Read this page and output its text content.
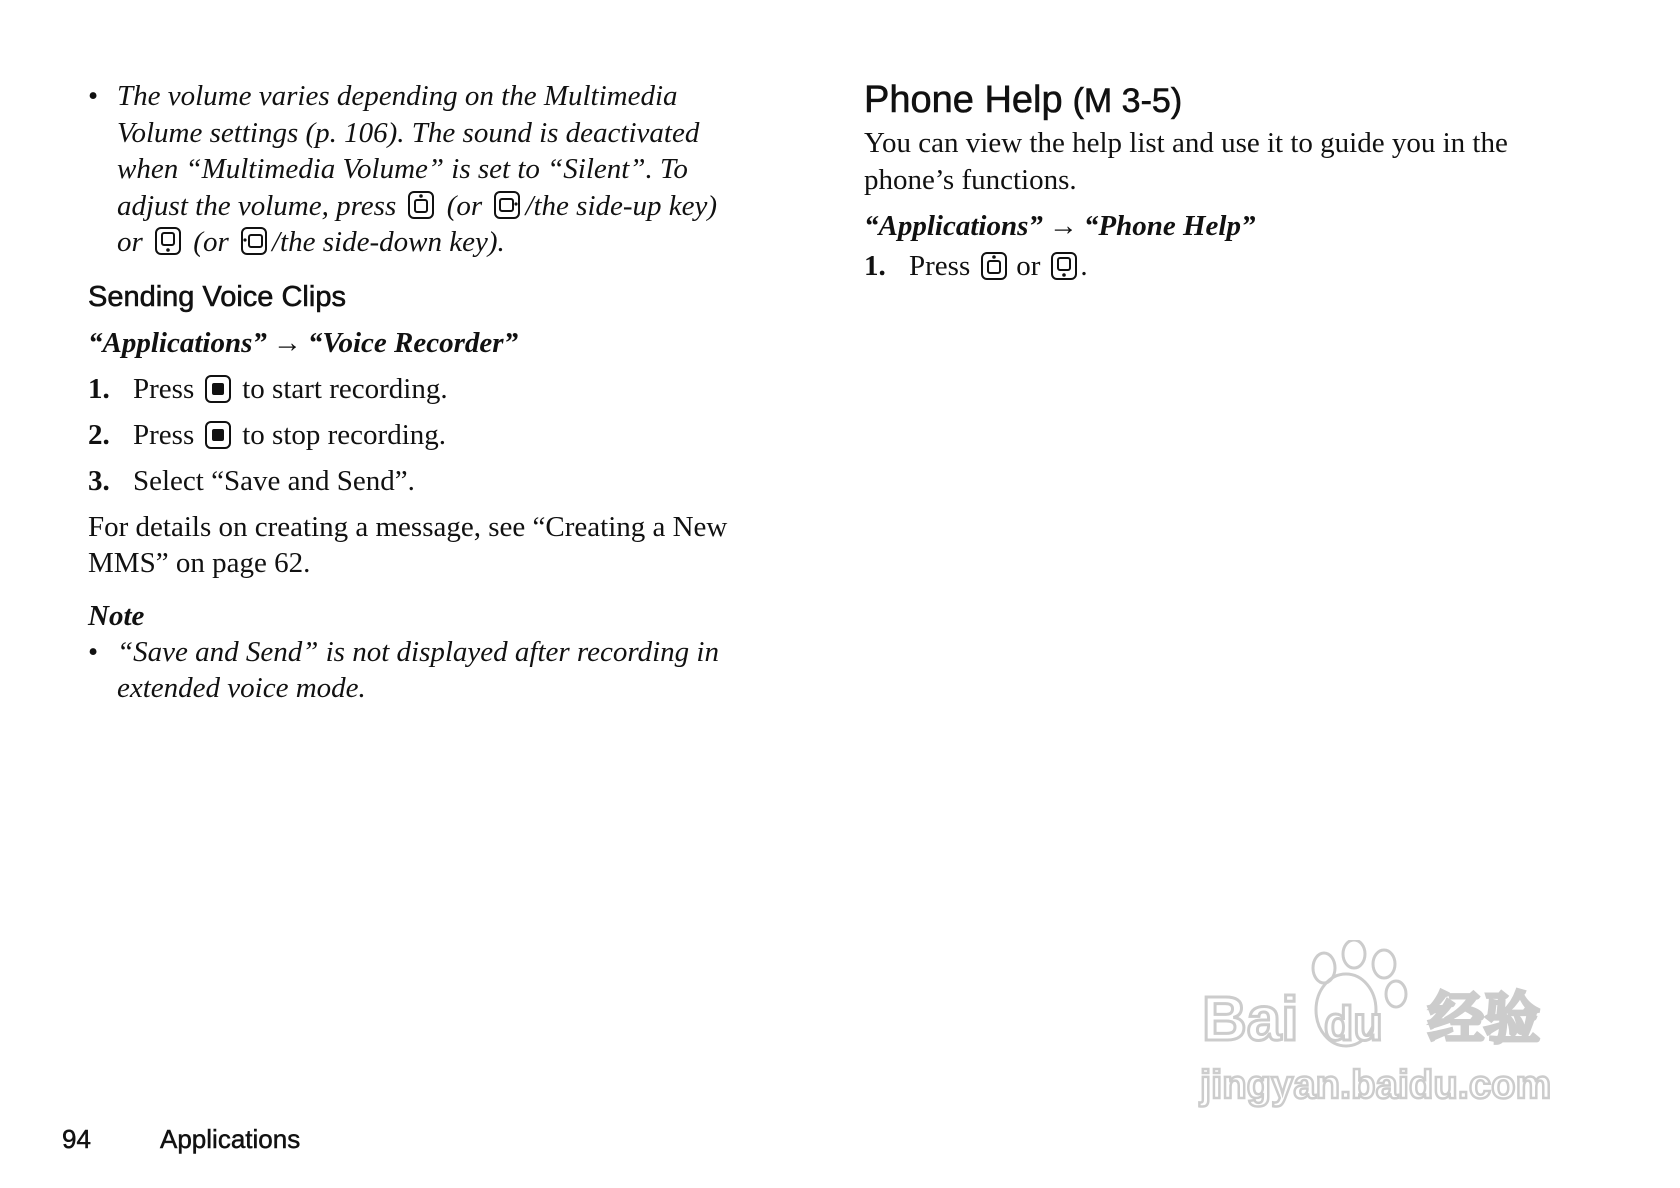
• The volume varies depending on the Multimedia
Volume settings (p. 106). The sound is deactivated
when “Multimedia Volume” is set to “Silent”. To
adjust the volume, press (or /the side-up key)
or (or /the side-down key).
Sending Voice Clips
“Applications” → “Voice Recorder”
1. Press to start recording.
2. Press to stop recording.
3. Select “Save and Send”.
For details on creating a message, see “Creating a New
MMS” on page 62.
Note
• “Save and Send” is not displayed after recording in
extended voice mode.
Phone Help (M 3-5)
You can view the help list and use it to guide you in the
phone’s functions.
“Applications” → “Phone Help”
1. Press or .
Bai du 经验
jingyan.baidu.com
94	Applications
